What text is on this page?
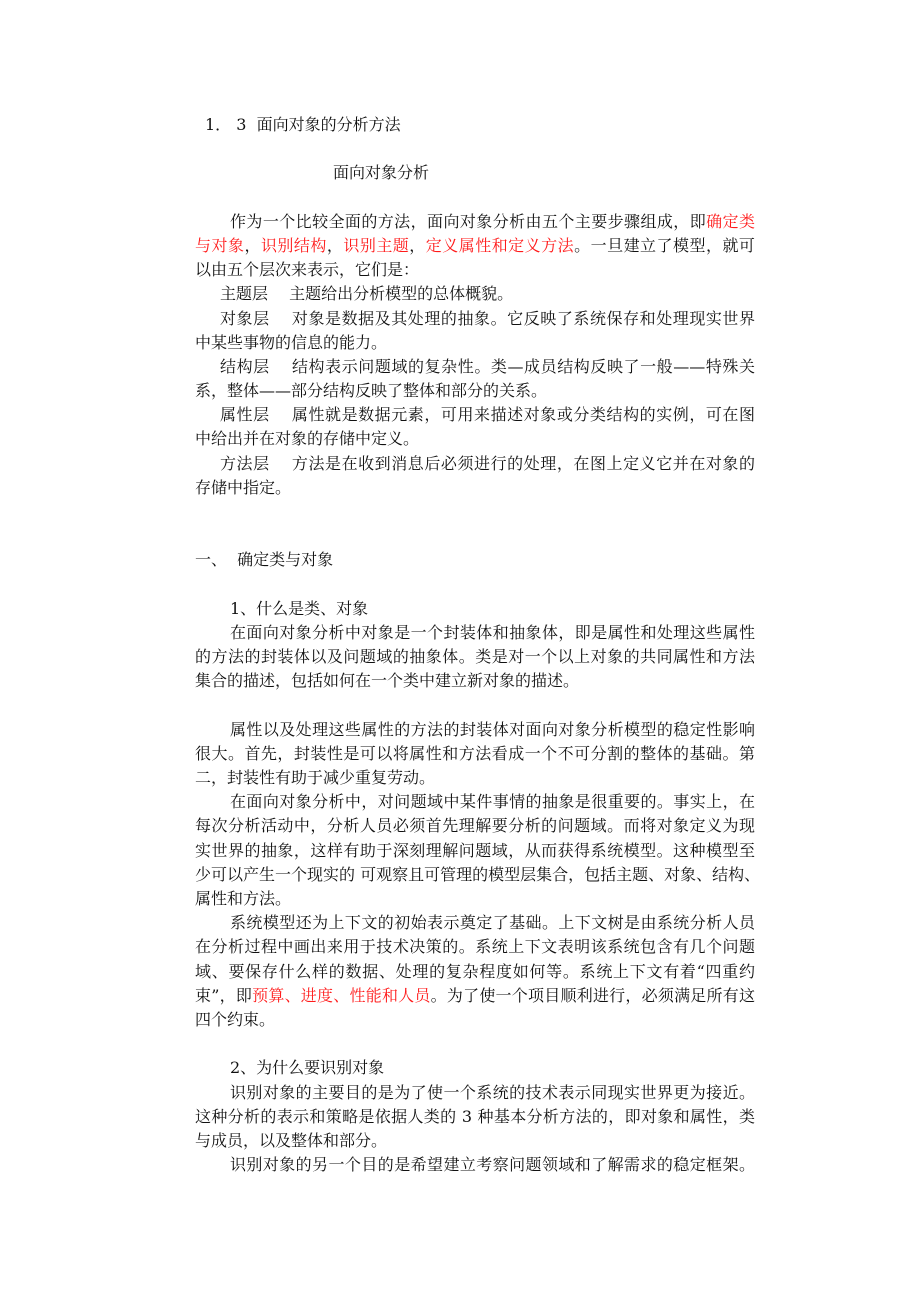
1． 3  面向对象的分析方法
面向对象分析
作为一个比较全面的方法，面向对象分析由五个主要步骤组成，即确定类
与对象，识别结构，识别主题，定义属性和定义方法。一旦建立了模型，就可
以由五个层次来表示，它们是：
主题层　 主题给出分析模型的总体概貌。
对象层　 对象是数据及其处理的抽象。它反映了系统保存和处理现实世界
中某些事物的信息的能力。
结构层　 结构表示问题域的复杂性。类—成员结构反映了一般——特殊关
系，整体——部分结构反映了整体和部分的关系。
属性层　 属性就是数据元素，可用来描述对象或分类结构的实例，可在图
中给出并在对象的存储中定义。
方法层　 方法是在收到消息后必须进行的处理，在图上定义它并在对象的
存储中指定。
一、  确定类与对象
1、什么是类、对象
在面向对象分析中对象是一个封装体和抽象体，即是属性和处理这些属性
的方法的封装体以及问题域的抽象体。类是对一个以上对象的共同属性和方法
集合的描述，包括如何在一个类中建立新对象的描述。
属性以及处理这些属性的方法的封装体对面向对象分析模型的稳定性影响
很大。首先，封装性是可以将属性和方法看成一个不可分割的整体的基础。第
二，封装性有助于减少重复劳动。
在面向对象分析中，对问题域中某件事情的抽象是很重要的。事实上，在
每次分析活动中，分析人员必须首先理解要分析的问题域。而将对象定义为现
实世界的抽象，这样有助于深刻理解问题域，从而获得系统模型。这种模型至
少可以产生一个现实的 可观察且可管理的模型层集合，包括主题、对象、结构、
属性和方法。
系统模型还为上下文的初始表示奠定了基础。上下文树是由系统分析人员
在分析过程中画出来用于技术决策的。系统上下文表明该系统包含有几个问题
域、要保存什么样的数据、处理的复杂程度如何等。系统上下文有着“四重约
束”，即预算、进度、性能和人员。为了使一个项目顺利进行，必须满足所有这
四个约束。
2、为什么要识别对象
识别对象的主要目的是为了使一个系统的技术表示同现实世界更为接近。
这种分析的表示和策略是依据人类的 3 种基本分析方法的，即对象和属性，类
与成员，以及整体和部分。
识别对象的另一个目的是希望建立考察问题领域和了解需求的稳定框架。
